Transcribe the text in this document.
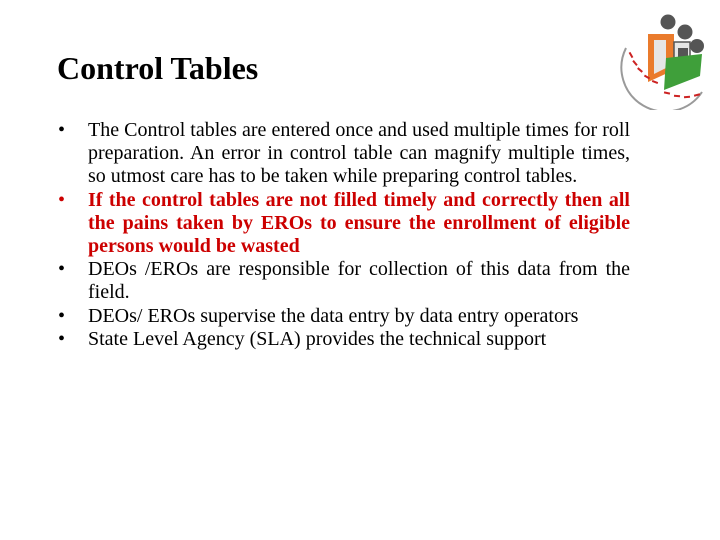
Control Tables
• The Control tables are entered once and used multiple times for roll preparation. An error in control table can magnify multiple times, so utmost care has to be taken while preparing control tables.
• If the control tables are not filled timely and correctly then all the pains taken by EROs to ensure the enrollment of eligible persons would be wasted
• DEOs /EROs are responsible for collection of this data from the field.
• DEOs/ EROs supervise the data entry by data entry operators
• State Level Agency (SLA) provides the technical support
